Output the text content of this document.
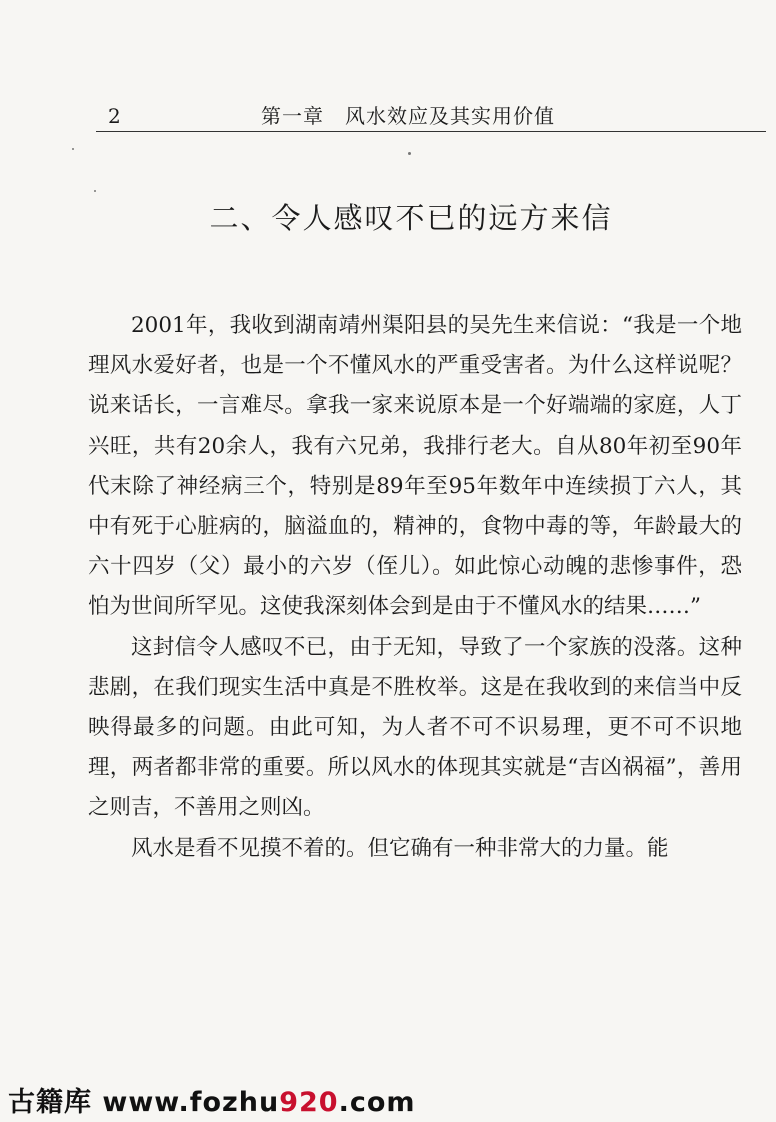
2	第一章　风水效应及其实用价值
二、令人感叹不已的远方来信

2001年，我收到湖南靖州渠阳县的吴先生来信说：“我是一个地理风水爱好者，也是一个不懂风水的严重受害者。为什么这样说呢？说来话长，一言难尽。拿我一家来说原本是一个好端端的家庭，人丁兴旺，共有20余人，我有六兄弟，我排行老大。自从80年初至90年代末除了神经病三个，特别是89年至95年数年中连续损丁六人，其中有死于心脏病的，脑溢血的，精神的，食物中毒的等，年龄最大的六十四岁（父）最小的六岁（侄儿）。如此惊心动魄的悲惨事件，恐怕为世间所罕见。这使我深刻体会到是由于不懂风水的结果……”

这封信令人感叹不已，由于无知，导致了一个家族的没落。这种悲剧，在我们现实生活中真是不胜枚举。这是在我收到的来信当中反映得最多的问题。由此可知，为人者不可不识易理，更不可不识地理，两者都非常的重要。所以风水的体现其实就是“吉凶祸福”，善用之则吉，不善用之则凶。

风水是看不见摸不着的。但它确有一种非常大的力量。能

古籍库 www.fozhu920.com
